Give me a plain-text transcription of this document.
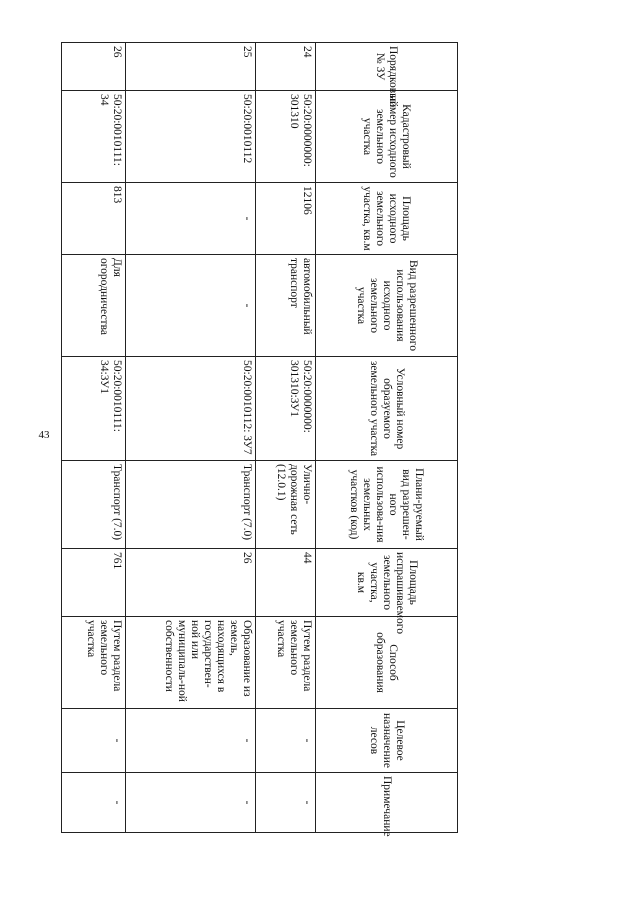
43
Порядковый № ЗУ	Кадастровый номер исходного земельного участка	Площадь исходного земельного участка, кв.м	Вид разрешенного использования исходного земельного участка	Условный номер образуемого земельного участка	Плани-руемый вид разрешен-ного использова-ния земельных участков (код)	Площадь испрашиваемого земельного участка, кв.м	Способ образования	Целевое назначение лесов	Примечание
24	50:20:0000000: 301310	12106	автомобильный транспорт	50:20:0000000: 301310:ЗУ1	Улично-дорожная сеть (12.0.1)	44	Путем раздела земельного участка	-	-
25	50:20:0010112	-	-	50:20:0010112: ЗУ7	Транспорт (7.0)	26	Образование из земель, находящихся в государствен-ной или муниципаль-ной собственности	-	-
26	50:20:0010111: 34	813	Для огородничества	50:20:0010111: 34:ЗУ1	Транспорт (7.0)	761	Путем раздела земельного участка	-	-
